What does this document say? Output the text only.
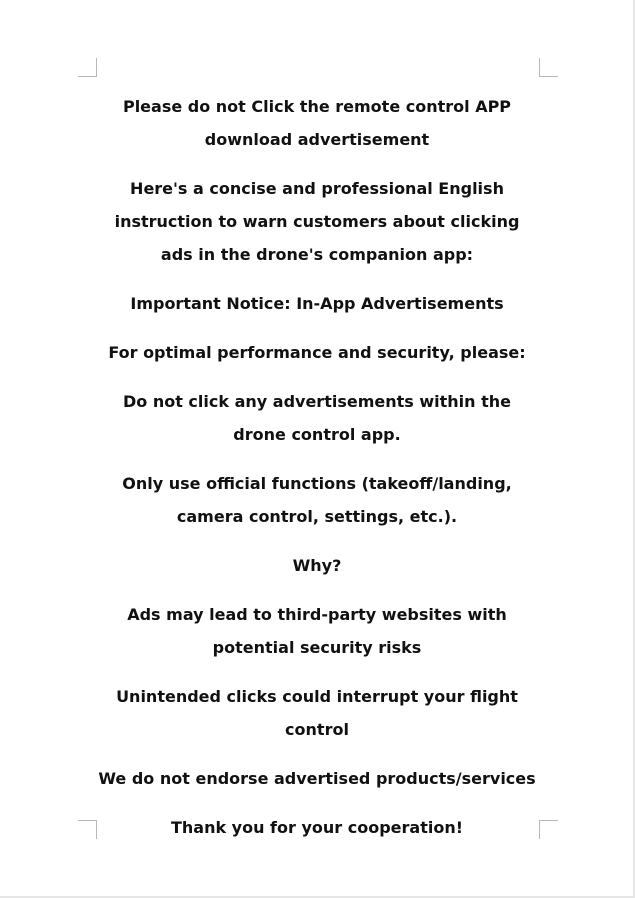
Please do not Click the remote control APP download advertisement

Here's a concise and professional English instruction to warn customers about clicking ads in the drone's companion app:

Important Notice: In-App Advertisements

For optimal performance and security, please:

Do not click any advertisements within the drone control app.

Only use official functions (takeoff/landing, camera control, settings, etc.).

Why?

Ads may lead to third-party websites with potential security risks

Unintended clicks could interrupt your flight control

We do not endorse advertised products/services

Thank you for your cooperation!
